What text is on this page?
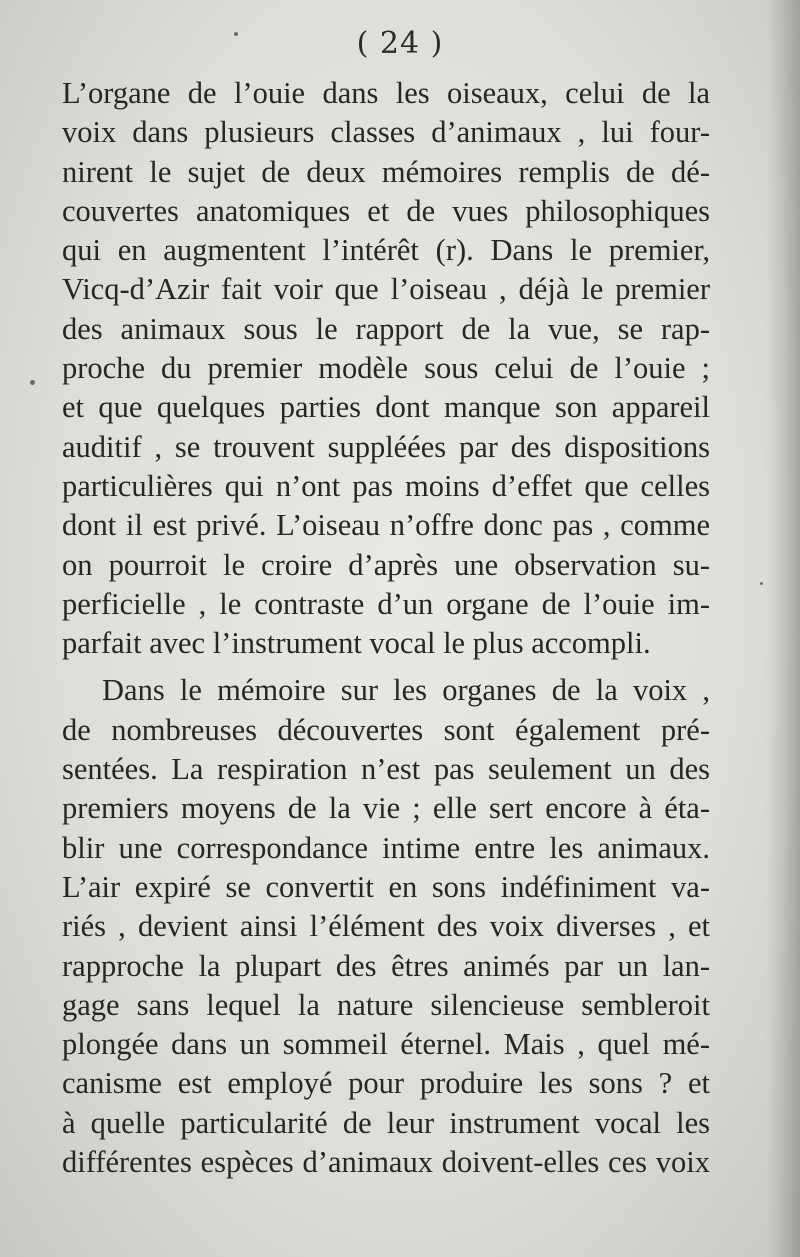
( 24 )
L’organe de l’ouie dans les oiseaux, celui de la
voix dans plusieurs classes d’animaux , lui four-
nirent le sujet de deux mémoires remplis de dé-
couvertes anatomiques et de vues philosophiques
qui en augmentent l’intérêt (r). Dans le premier,
Vicq-d’Azir fait voir que l’oiseau , déjà le premier
des animaux sous le rapport de la vue, se rap-
proche du premier modèle sous celui de l’ouie ;
et que quelques parties dont manque son appareil
auditif , se trouvent suppléées par des dispositions
particulières qui n’ont pas moins d’effet que celles
dont il est privé. L’oiseau n’offre donc pas , comme
on pourroit le croire d’après une observation su-
perficielle , le contraste d’un organe de l’ouie im-
parfait avec l’instrument vocal le plus accompli.
Dans le mémoire sur les organes de la voix ,
de nombreuses découvertes sont également pré-
sentées. La respiration n’est pas seulement un des
premiers moyens de la vie ; elle sert encore à éta-
blir une correspondance intime entre les animaux.
L’air expiré se convertit en sons indéfiniment va-
riés , devient ainsi l’élément des voix diverses , et
rapproche la plupart des êtres animés par un lan-
gage sans lequel la nature silencieuse sembleroit
plongée dans un sommeil éternel. Mais , quel mé-
canisme est employé pour produire les sons ? et
à quelle particularité de leur instrument vocal les
différentes espèces d’animaux doivent-elles ces voix
